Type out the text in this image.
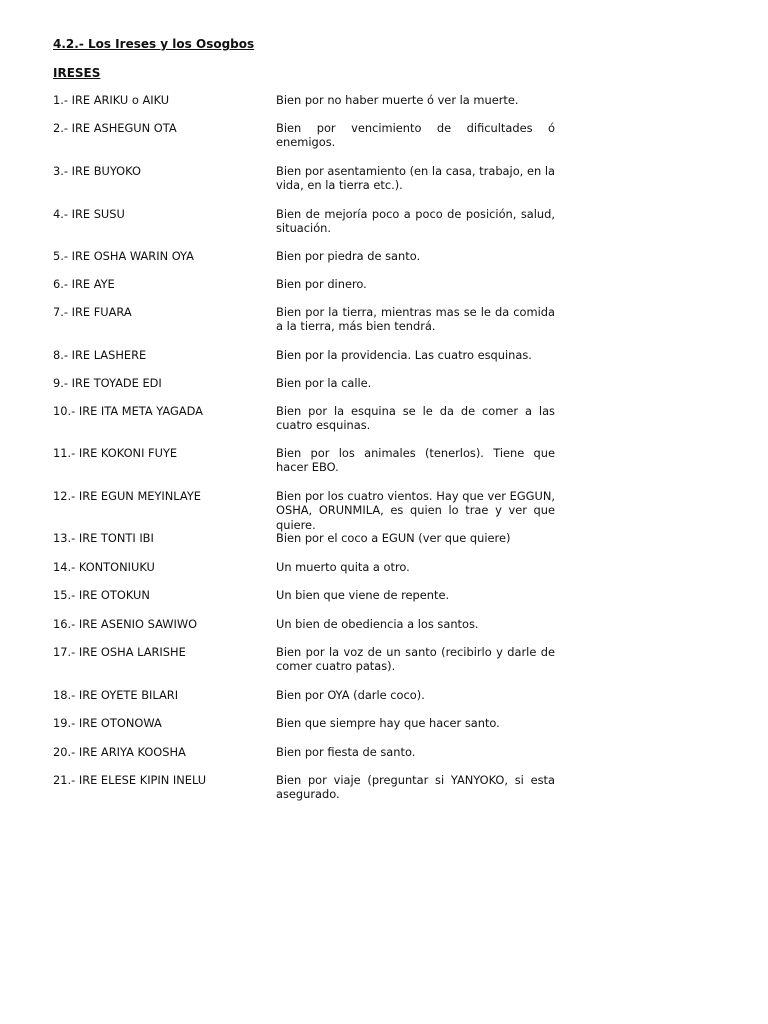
4.2.- Los Ireses y los Osogbos
IRESES
1.- IRE ARIKU o AIKU	Bien por no haber muerte ó ver la muerte.
2.- IRE ASHEGUN OTA	Bien por vencimiento de dificultades ó enemigos.
3.- IRE BUYOKO	Bien por asentamiento (en la casa, trabajo, en la vida, en la tierra etc.).
4.- IRE SUSU	Bien de mejoría poco a poco de posición, salud, situación.
5.- IRE OSHA WARIN OYA	Bien por piedra de santo.
6.- IRE AYE	Bien por dinero.
7.- IRE FUARA	Bien por la tierra, mientras mas se le da comida a la tierra, más bien tendrá.
8.- IRE LASHERE	Bien por la providencia. Las cuatro esquinas.
9.- IRE TOYADE EDI	Bien por la calle.
10.- IRE ITA META YAGADA	Bien por la esquina se le da de comer a las cuatro esquinas.
11.- IRE KOKONI FUYE	Bien por los animales (tenerlos). Tiene que hacer EBO.
12.- IRE EGUN MEYINLAYE	Bien por los cuatro vientos. Hay que ver EGGUN, OSHA, ORUNMILA, es quien lo trae y ver que quiere.
13.- IRE TONTI IBI	Bien por el coco a EGUN (ver que quiere)
14.- KONTONIUKU	Un muerto quita a otro.
15.- IRE OTOKUN	Un bien que viene de repente.
16.- IRE ASENIO SAWIWO	Un bien de obediencia a los santos.
17.- IRE OSHA LARISHE	Bien por la voz de un santo (recibirlo y darle de comer cuatro patas).
18.- IRE OYETE BILARI	Bien por OYA (darle coco).
19.- IRE OTONOWA	Bien que siempre hay que hacer santo.
20.- IRE ARIYA KOOSHA	Bien por fiesta de santo.
21.- IRE ELESE KIPIN INELU	Bien por viaje (preguntar si YANYOKO, si esta asegurado.
